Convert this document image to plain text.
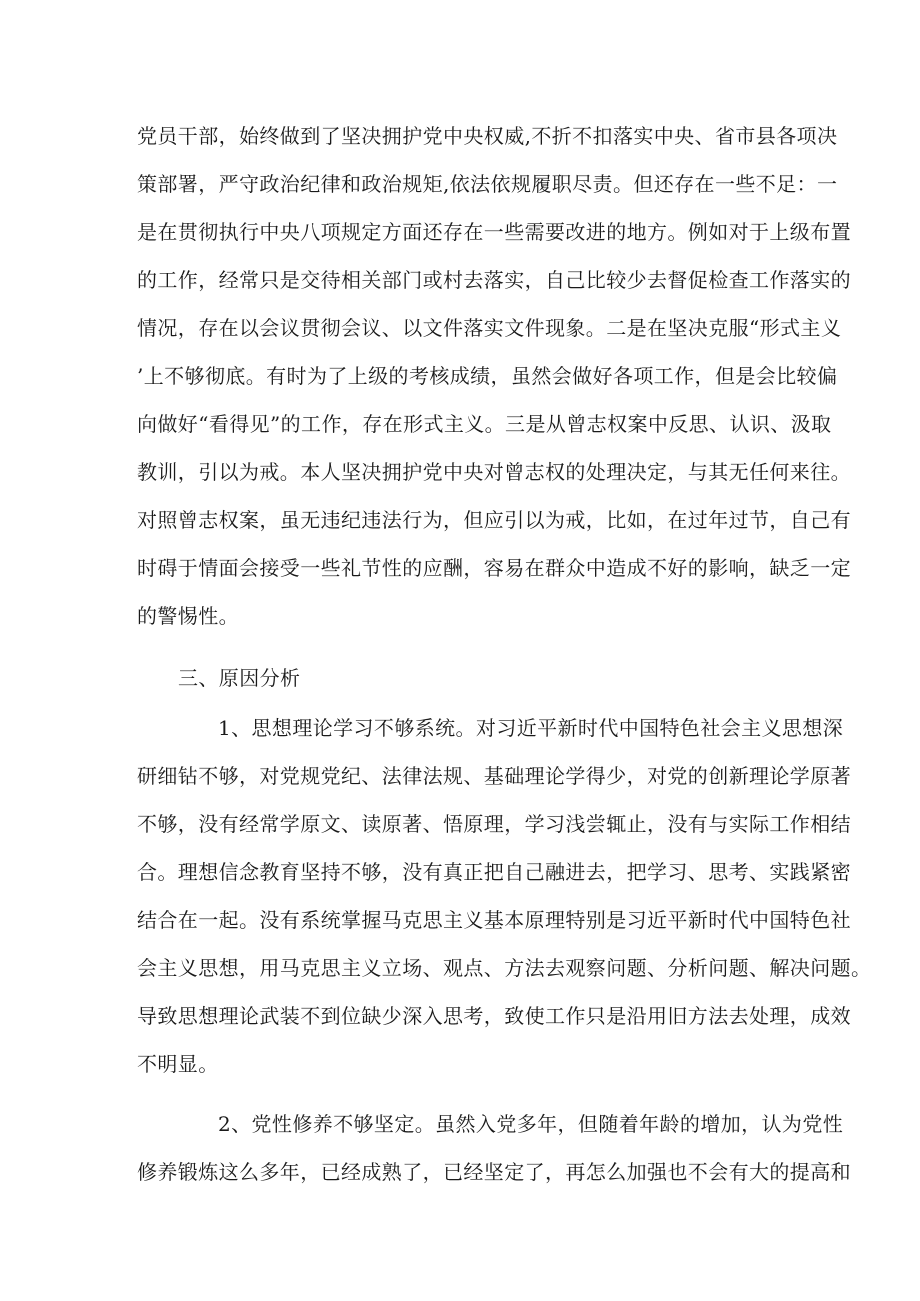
党员干部，始终做到了坚决拥护党中央权威,不折不扣落实中央、省市县各项决
策部署，严守政治纪律和政治规矩,依法依规履职尽责。但还存在一些不足：一
是在贯彻执行中央八项规定方面还存在一些需要改进的地方。例如对于上级布置
的工作，经常只是交待相关部门或村去落实，自己比较少去督促检查工作落实的
情况，存在以会议贯彻会议、以文件落实文件现象。二是在坚决克服“形式主义
’上不够彻底。有时为了上级的考核成绩，虽然会做好各项工作，但是会比较偏
向做好“看得见”的工作，存在形式主义。三是从曾志权案中反思、认识、汲取
教训，引以为戒。本人坚决拥护党中央对曾志权的处理决定，与其无任何来往。
对照曾志权案，虽无违纪违法行为，但应引以为戒，比如，在过年过节，自己有
时碍于情面会接受一些礼节性的应酬，容易在群众中造成不好的影响，缺乏一定
的警惕性。
三、原因分析
1、思想理论学习不够系统。对习近平新时代中国特色社会主义思想深
研细钻不够，对党规党纪、法律法规、基础理论学得少，对党的创新理论学原著
不够，没有经常学原文、读原著、悟原理，学习浅尝辄止，没有与实际工作相结
合。理想信念教育坚持不够，没有真正把自己融进去，把学习、思考、实践紧密
结合在一起。没有系统掌握马克思主义基本原理特别是习近平新时代中国特色社
会主义思想，用马克思主义立场、观点、方法去观察问题、分析问题、解决问题。
导致思想理论武装不到位缺少深入思考，致使工作只是沿用旧方法去处理，成效
不明显。
2、党性修养不够坚定。虽然入党多年，但随着年龄的增加，认为党性
修养锻炼这么多年，已经成熟了，已经坚定了，再怎么加强也不会有大的提高和
